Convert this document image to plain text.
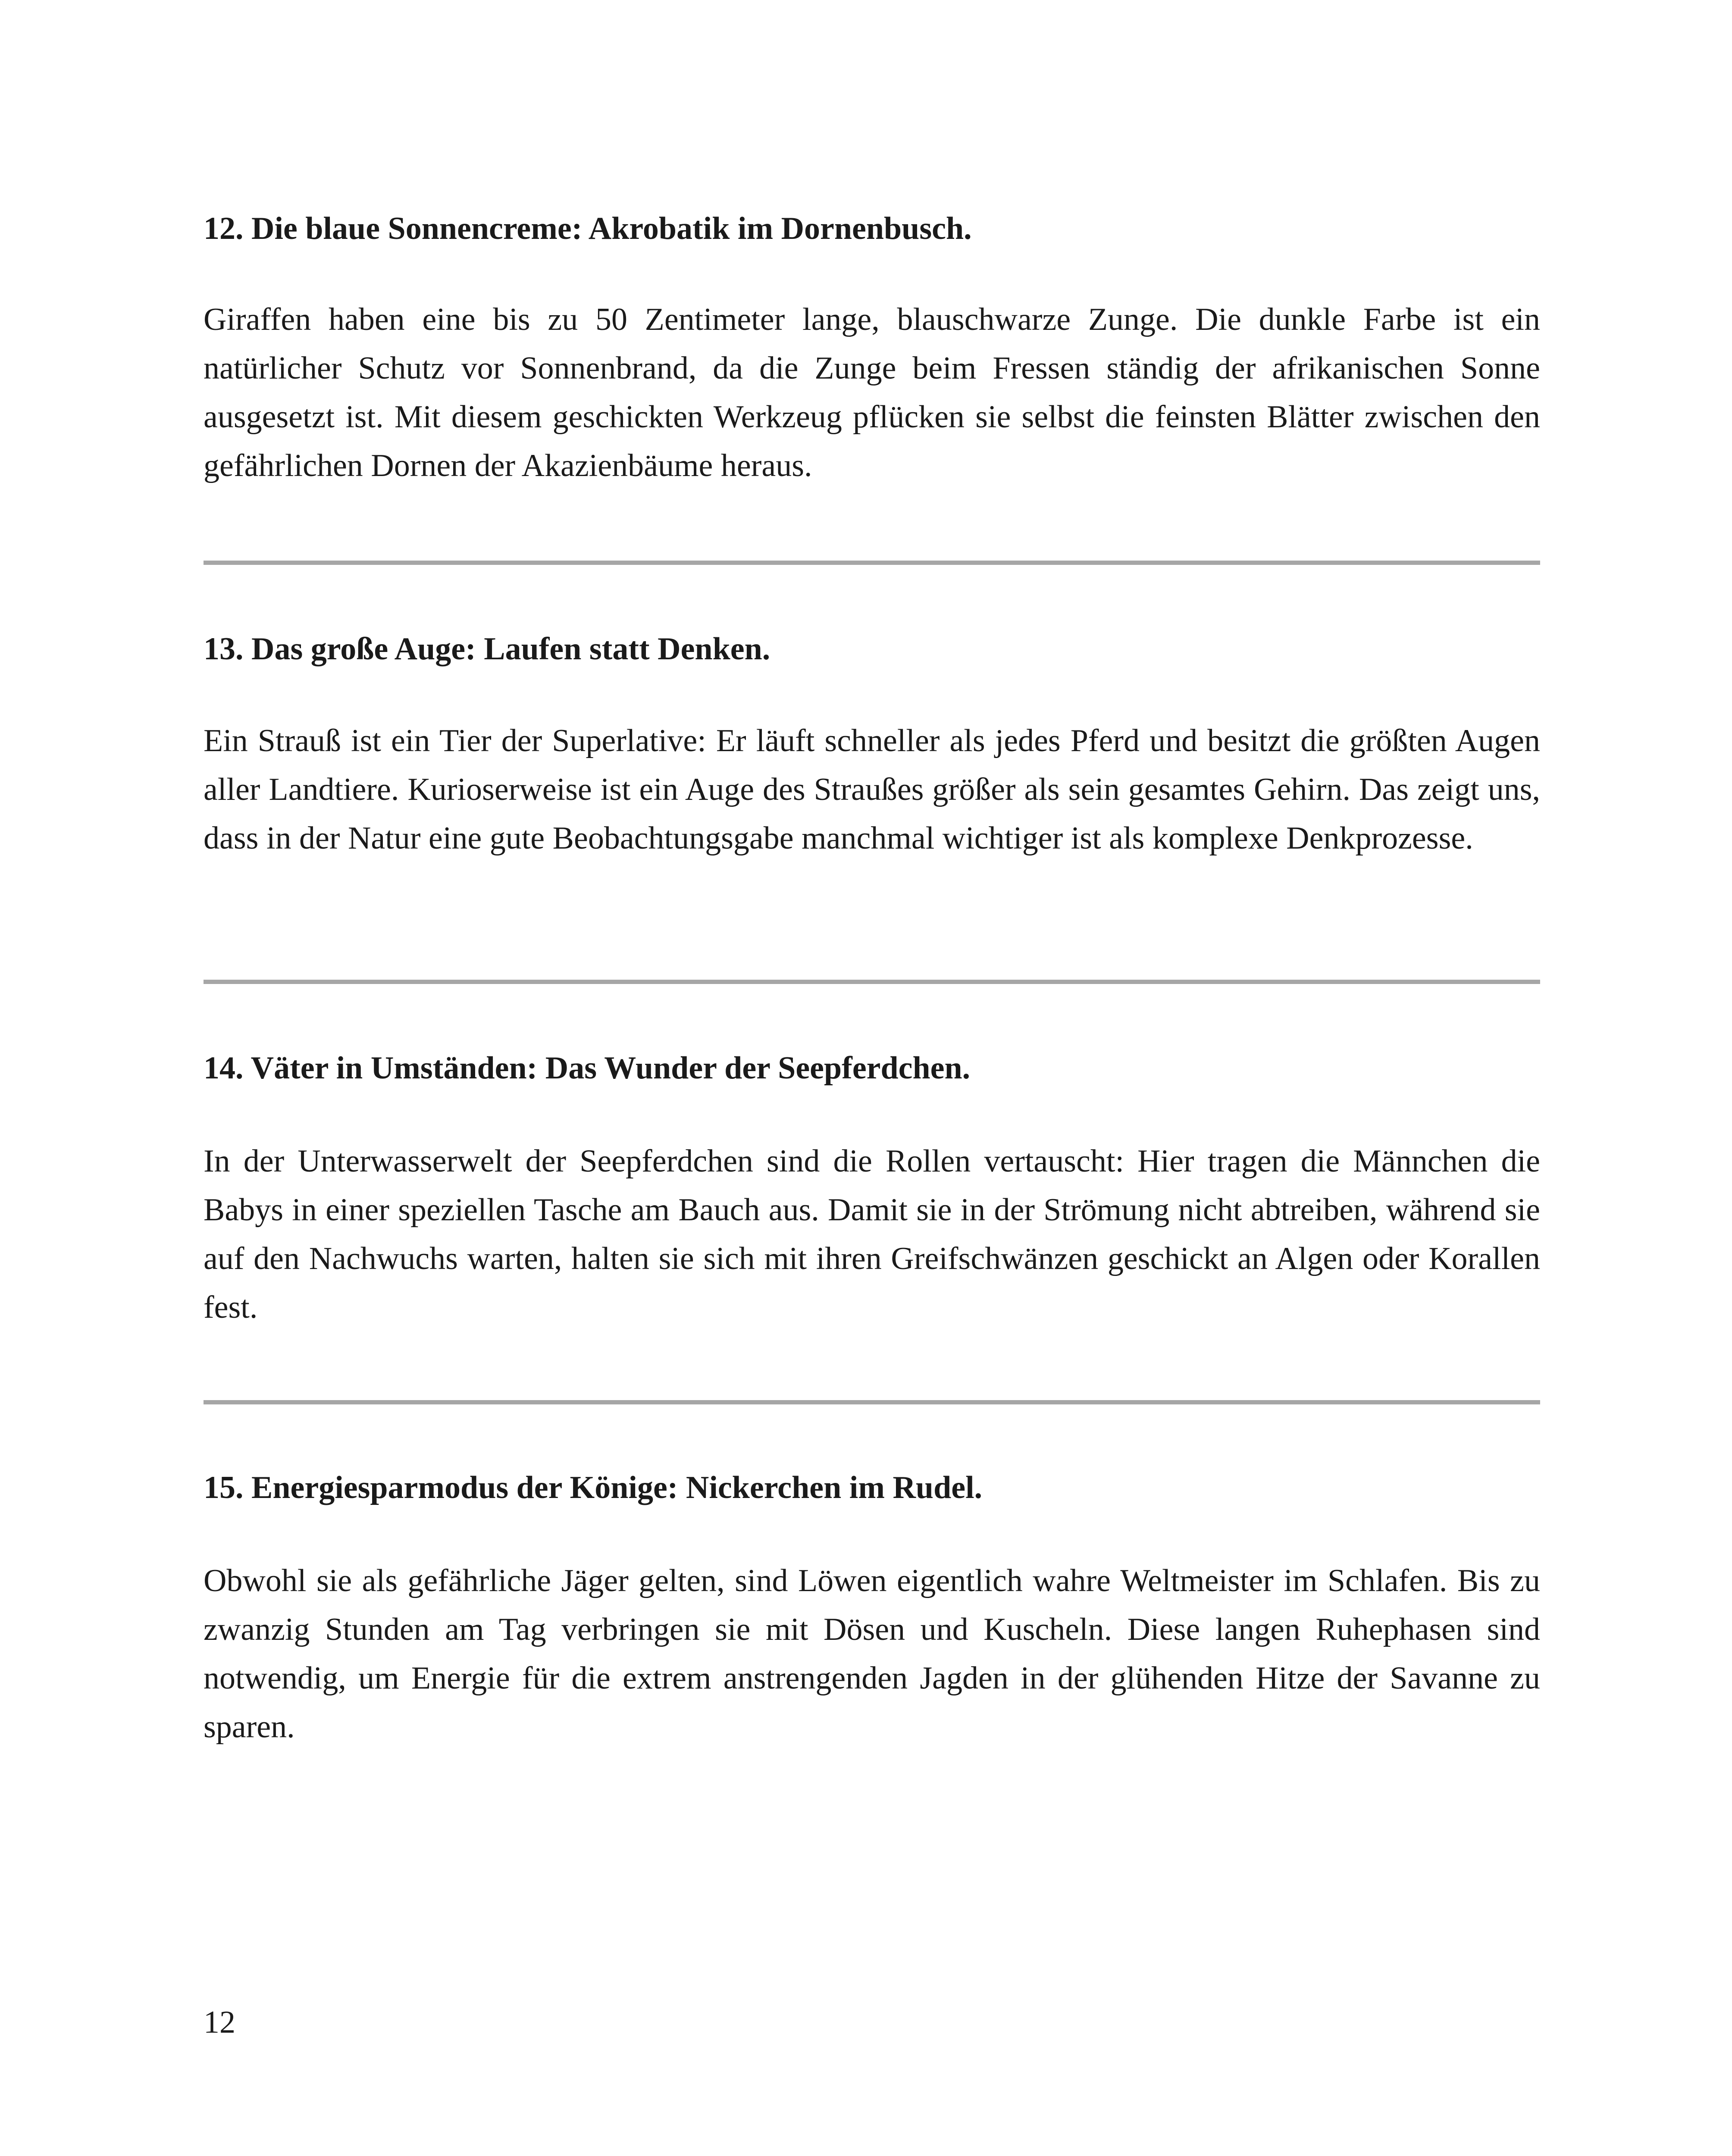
12. Die blaue Sonnencreme: Akrobatik im Dornenbusch.

Giraffen haben eine bis zu 50 Zentimeter lange, blauschwarze Zunge. Die dunkle Farbe ist ein natürlicher Schutz vor Sonnenbrand, da die Zunge beim Fressen ständig der afrikanischen Sonne ausgesetzt ist. Mit diesem geschickten Werkzeug pflücken sie selbst die feinsten Blätter zwischen den gefährlichen Dornen der Akazienbäume heraus.

13. Das große Auge: Laufen statt Denken.

Ein Strauß ist ein Tier der Superlative: Er läuft schneller als jedes Pferd und besitzt die größten Augen aller Landtiere. Kurioserweise ist ein Auge des Straußes größer als sein gesamtes Gehirn. Das zeigt uns, dass in der Natur eine gute Beobachtungsgabe manchmal wichtiger ist als komplexe Denkprozesse.

14. Väter in Umständen: Das Wunder der Seepferdchen.

In der Unterwasserwelt der Seepferdchen sind die Rollen vertauscht: Hier tragen die Männchen die Babys in einer speziellen Tasche am Bauch aus. Damit sie in der Strömung nicht abtreiben, während sie auf den Nachwuchs warten, halten sie sich mit ihren Greifschwänzen geschickt an Algen oder Korallen fest.

15. Energiesparmodus der Könige: Nickerchen im Rudel.

Obwohl sie als gefährliche Jäger gelten, sind Löwen eigentlich wahre Weltmeister im Schlafen. Bis zu zwanzig Stunden am Tag verbringen sie mit Dösen und Kuscheln. Diese langen Ruhephasen sind notwendig, um Energie für die extrem anstrengenden Jagden in der glühenden Hitze der Savanne zu sparen.

12
